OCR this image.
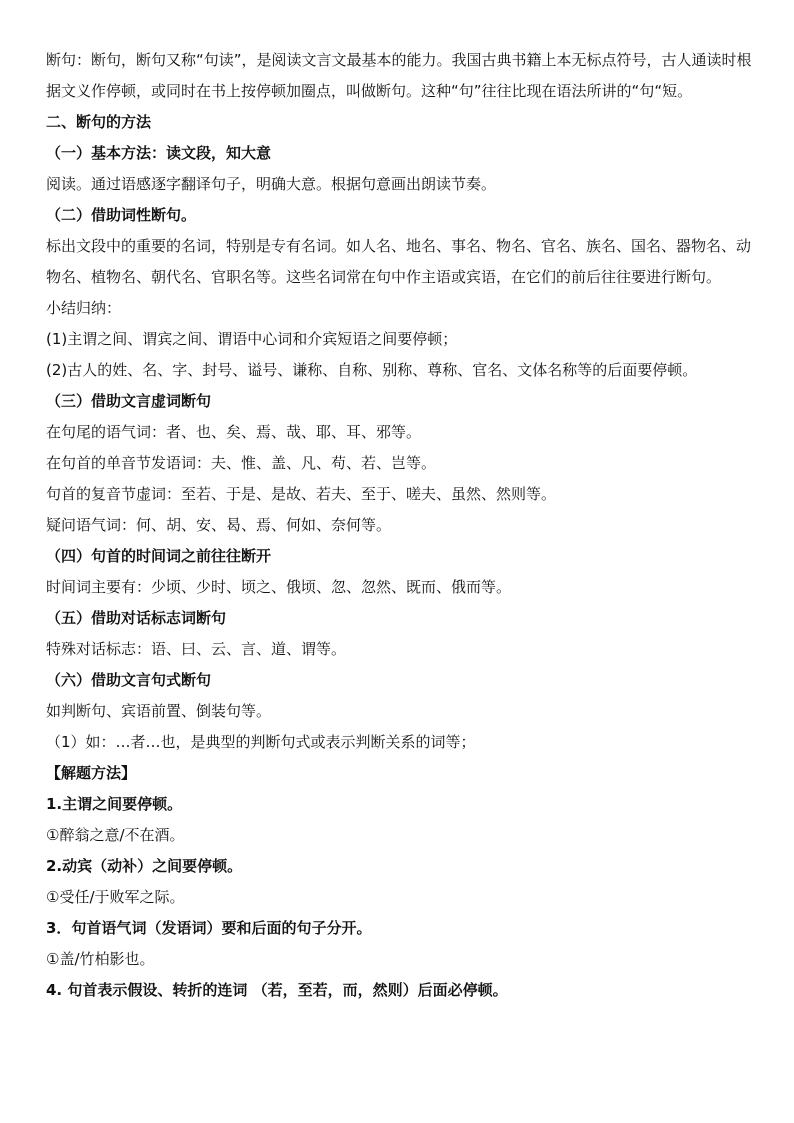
断句：断句，断句又称“句读”，是阅读文言文最基本的能力。我国古典书籍上本无标点符号，古人通读时根据文义作停顿，或同时在书上按停顿加圈点，叫做断句。这种“句”往往比现在语法所讲的“句“短。

二、断句的方法

（一）基本方法：读文段，知大意

阅读。通过语感逐字翻译句子，明确大意。根据句意画出朗读节奏。

（二）借助词性断句。

标出文段中的重要的名词，特别是专有名词。如人名、地名、事名、物名、官名、族名、国名、器物名、动物名、植物名、朝代名、官职名等。这些名词常在句中作主语或宾语，在它们的前后往往要进行断句。

小结归纳：

(1)主谓之间、谓宾之间、谓语中心词和介宾短语之间要停顿；

(2)古人的姓、名、字、封号、谥号、谦称、自称、别称、尊称、官名、文体名称等的后面要停顿。

（三）借助文言虚词断句

在句尾的语气词：者、也、矣、焉、哉、耶、耳、邪等。

在句首的单音节发语词：夫、惟、盖、凡、苟、若、岂等。

句首的复音节虚词：至若、于是、是故、若夫、至于、嗟夫、虽然、然则等。

疑问语气词：何、胡、安、曷、焉、何如、奈何等。

（四）句首的时间词之前往往断开

时间词主要有：少顷、少时、顷之、俄顷、忽、忽然、既而、俄而等。

（五）借助对话标志词断句

特殊对话标志：语、曰、云、言、道、谓等。

（六）借助文言句式断句

如判断句、宾语前置、倒装句等。

（1）如：…者…也，是典型的判断句式或表示判断关系的词等；

【解题方法】

1.主谓之间要停顿。

①醉翁之意/不在酒。

2.动宾（动补）之间要停顿。

①受任/于败军之际。

3．句首语气词（发语词）要和后面的句子分开。

①盖/竹柏影也。

4. 句首表示假设、转折的连词 （若，至若，而，然则）后面必停顿。
